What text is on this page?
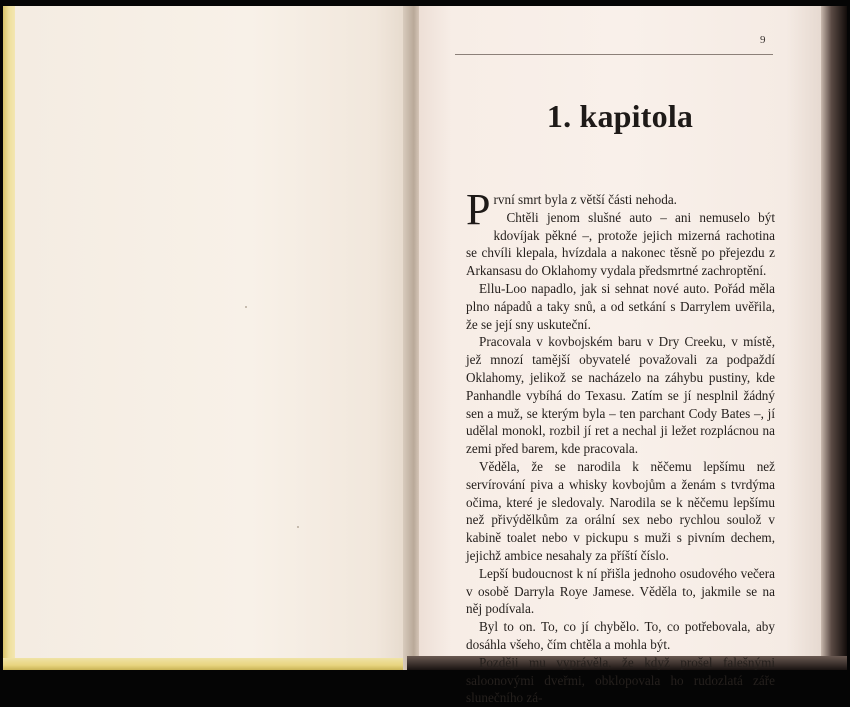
9
1. kapitola

První smrt byla z větší části nehoda.

Chtěli jenom slušné auto – ani nemuselo být kdovíjak pěkné –, protože jejich mizerná rachotina se chvíli klepala, hvízdala a nakonec těsně po přejezdu z Arkansasu do Oklahomy vydala předsmrtné zachroptění.

Ellu-Loo napadlo, jak si sehnat nové auto. Pořád měla plno nápadů a taky snů, a od setkání s Darrylem uvěřila, že se její sny uskuteční.

Pracovala v kovbojském baru v Dry Creeku, v místě, jež mnozí tamější obyvatelé považovali za podpaždí Oklahomy, jelikož se nacházelo na záhybu pustiny, kde Panhandle vybíhá do Texasu. Zatím se jí nesplnil žádný sen a muž, se kterým byla – ten parchant Cody Bates –, jí udělal monokl, rozbil jí ret a nechal ji ležet rozplácnou na zemi před barem, kde pracovala.

Věděla, že se narodila k něčemu lepšímu než servírování piva a whisky kovbojům a ženám s tvrdýma očima, které je sledovaly. Narodila se k něčemu lepšímu než přivýdělkům za orální sex nebo rychlou soulož v kabině toalet nebo v pickupu s muži s pivním dechem, jejichž ambice nesahaly za příští číslo.

Lepší budoucnost k ní přišla jednoho osudového večera v osobě Darryla Roye Jamese. Věděla to, jakmile se na něj podívala.

Byl to on. To, co jí chybělo. To, co potřebovala, aby dosáhla všeho, čím chtěla a mohla být.

Později mu vyprávěla, že když prošel falešnými saloonovými dveřmi, obklopovala ho rudozlatá záře slunečního zá-
